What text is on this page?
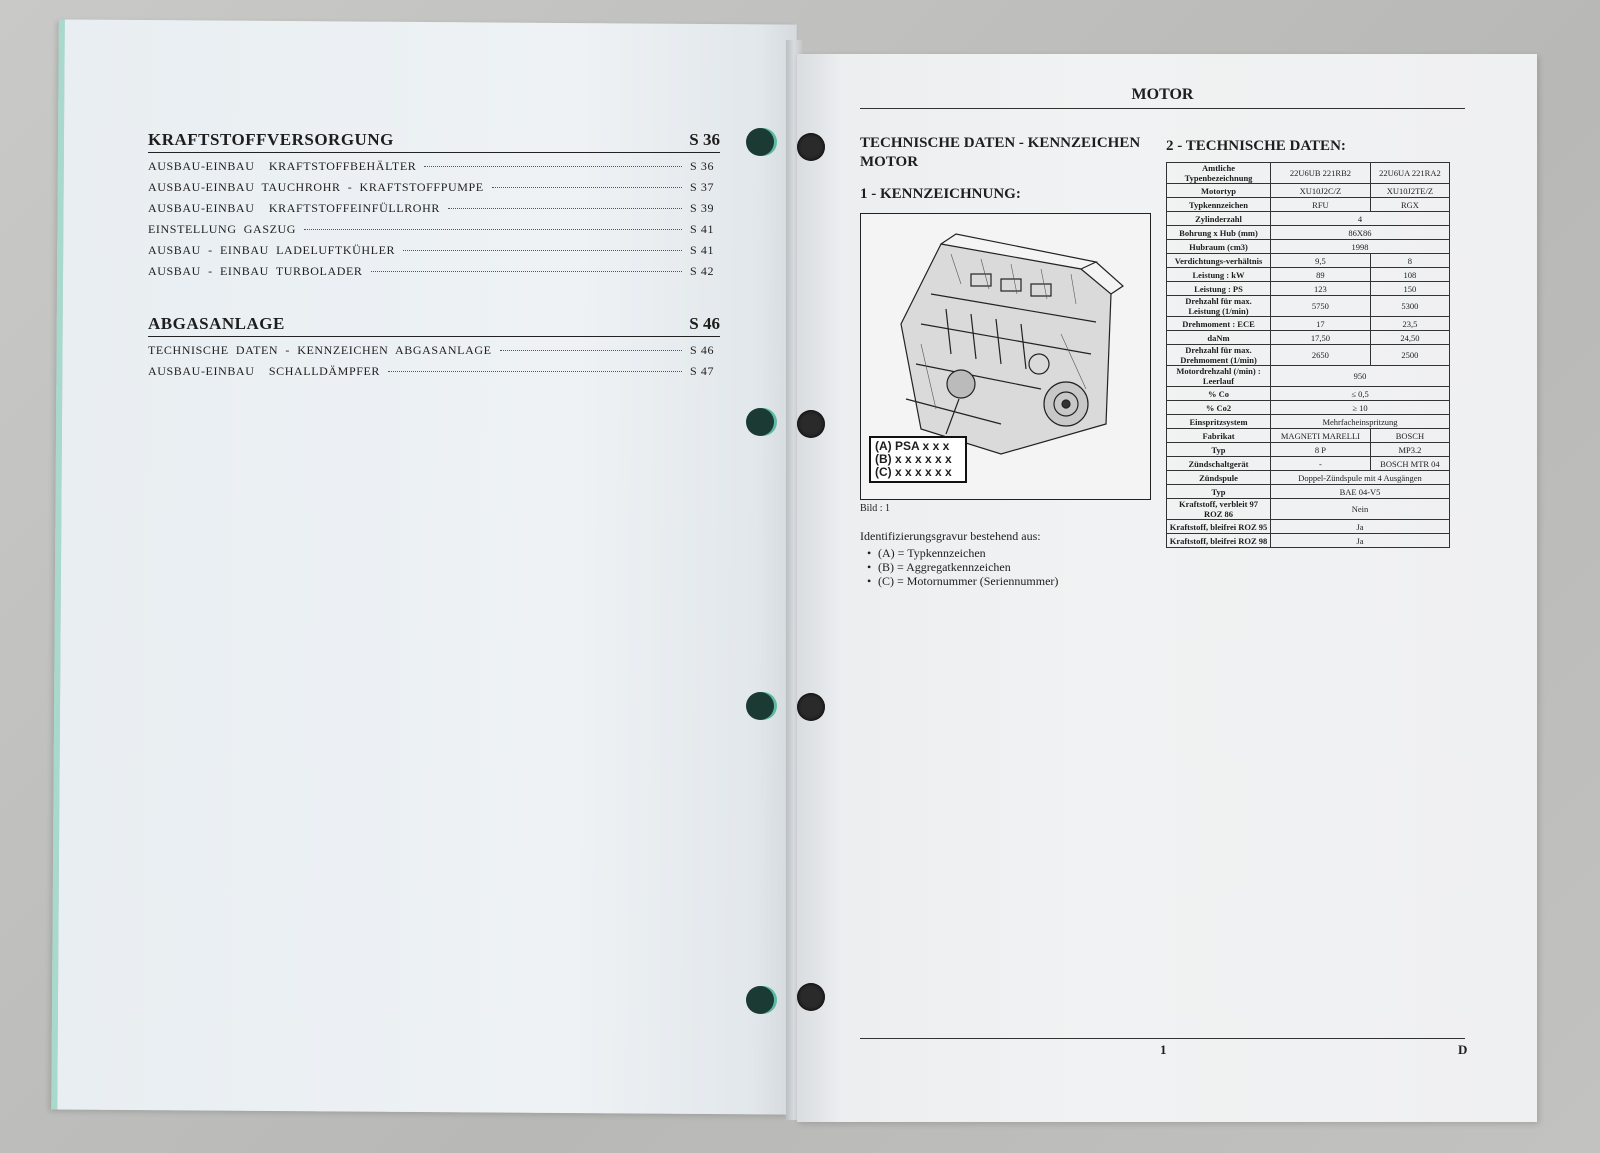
KRAFTSTOFFVERSORGUNG	S 36
AUSBAU-EINBAU    KRAFTSTOFFBEHÄLTER	S 36
AUSBAU-EINBAU  TAUCHROHR  -  KRAFTSTOFFPUMPE	S 37
AUSBAU-EINBAU    KRAFTSTOFFEINFÜLLROHR	S 39
EINSTELLUNG  GASZUG	S 41
AUSBAU  -  EINBAU  LADELUFTKÜHLER	S 41
AUSBAU  -  EINBAU  TURBOLADER	S 42
ABGASANLAGE	S 46
TECHNISCHE  DATEN  -  KENNZEICHEN  ABGASANLAGE	S 46
AUSBAU-EINBAU    SCHALLDÄMPFER	S 47
MOTOR
TECHNISCHE DATEN - KENNZEICHEN
MOTOR
1 - KENNZEICHNUNG:
2 - TECHNISCHE DATEN:
(A) PSA x x x
(B) x x x x x x
(C) x x x x x x
Bild : 1
Identifizierungsgravur bestehend aus:
• (A) = Typkennzeichen
• (B) = Aggregatkennzeichen
• (C) = Motornummer (Seriennummer)
Amtliche Typenbezeichnung	22U6UB 221RB2	22U6UA 221RA2
Motortyp	XU10J2C/Z	XU10J2TE/Z
Typkennzeichen	RFU	RGX
Zylinderzahl	4	
Bohrung x Hub (mm)	86X86	
Hubraum (cm3)	1998	
Verdichtungs-verhältnis	9,5	8
Leistung : kW	89	108
Leistung : PS	123	150
Drehzahl für max. Leistung (1/min)	5750	5300
Drehmoment : ECE	17	23,5
daNm	17,50	24,50
Drehzahl für max. Drehmoment (1/min)	2650	2500
Motordrehzahl (/min) : Leerlauf	950	
% Co	≤ 0,5	
% Co2	≥ 10	
Einspritzsystem	Mehrfacheinspritzung	
Fabrikat	MAGNETI MARELLI	BOSCH
Typ	8 P	MP3.2
Zündschaltgerät	-	BOSCH MTR 04
Zündspule	Doppel-Zündspule mit 4 Ausgängen	
Typ	BAE 04-V5	
Kraftstoff, verbleit 97 ROZ 86	Nein	
Kraftstoff, bleifrei ROZ 95	Ja	
Kraftstoff, bleifrei ROZ 98	Ja	
1	D
